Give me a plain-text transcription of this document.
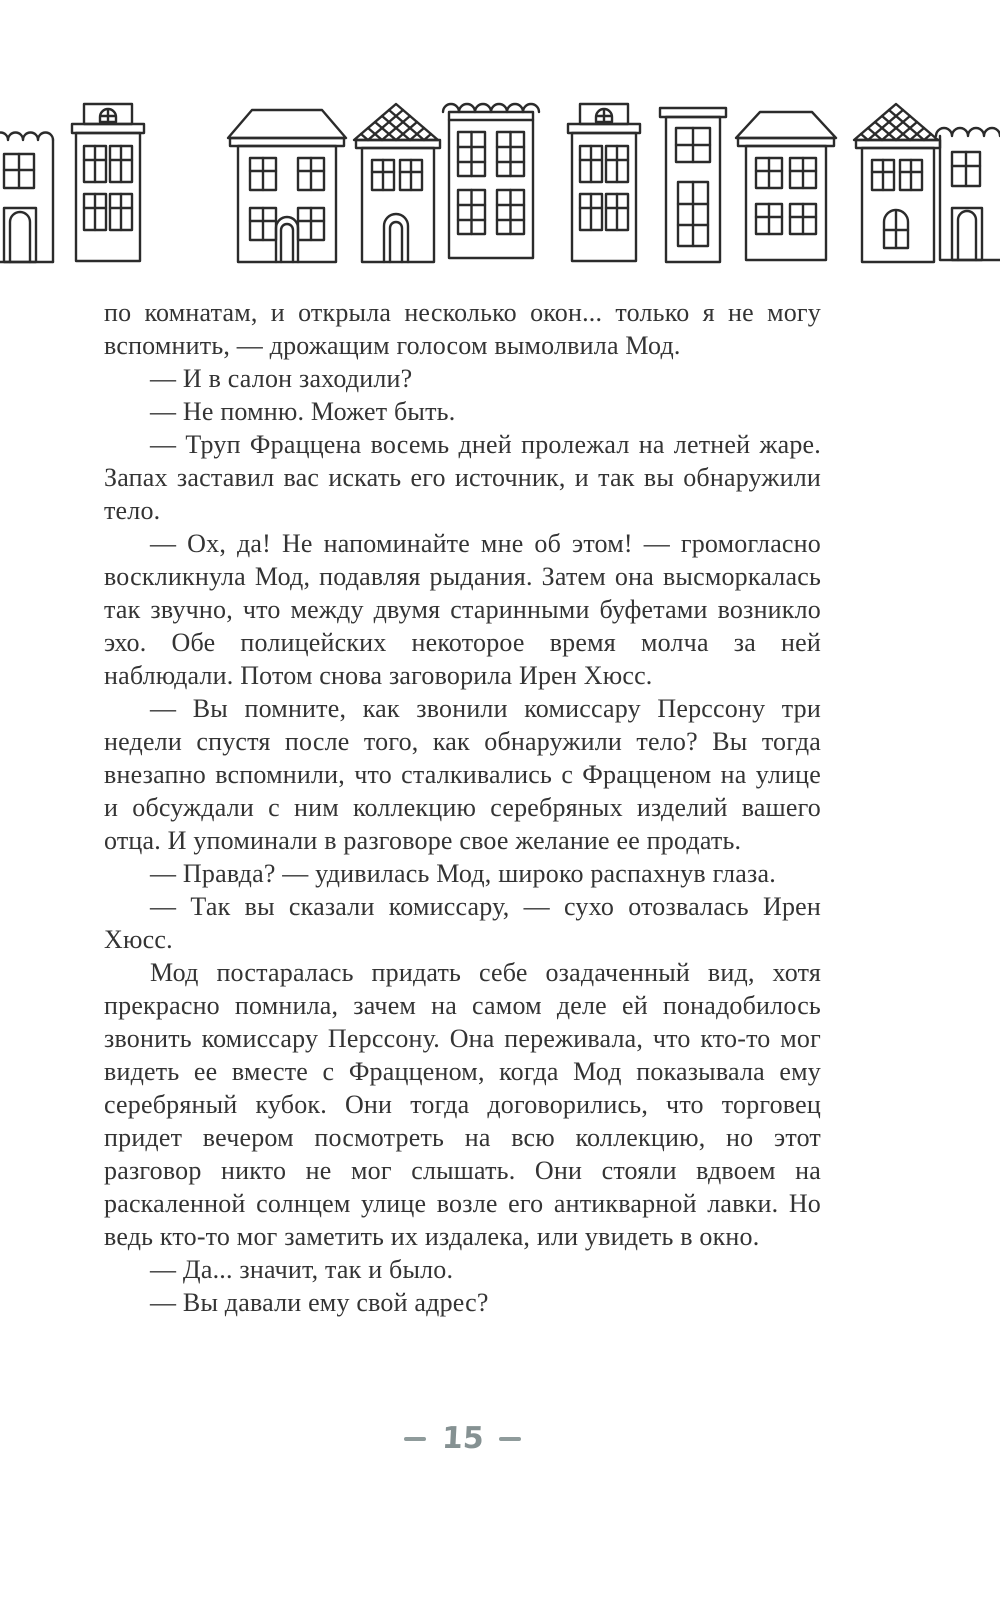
по комнатам, и открыла несколько окон... только я не могу вспомнить, — дрожащим голосом вымолвила Мод.

— И в салон заходили?

— Не помню. Может быть.

— Труп Фраццена восемь дней пролежал на летней жаре. Запах заставил вас искать его источник, и так вы обнаружили тело.

— Ох, да! Не напоминайте мне об этом! — громогласно воскликнула Мод, подавляя рыдания. Затем она высморкалась так звучно, что между двумя старинными буфетами возникло эхо. Обе полицейских некоторое время молча за ней наблюдали. Потом снова заговорила Ирен Хюсс.

— Вы помните, как звонили комиссару Перссону три недели спустя после того, как обнаружили тело? Вы тогда внезапно вспомнили, что сталкивались с Фрацценом на улице и обсуждали с ним коллекцию серебряных изделий вашего отца. И упоминали в разговоре свое желание ее продать.

— Правда? — удивилась Мод, широко распахнув глаза.

— Так вы сказали комиссару, — сухо отозвалась Ирен Хюсс.

Мод постаралась придать себе озадаченный вид, хотя прекрасно помнила, зачем на самом деле ей понадобилось звонить комиссару Перссону. Она переживала, что кто-то мог видеть ее вместе с Фрацценом, когда Мод показывала ему серебряный кубок. Они тогда договорились, что торговец придет вечером посмотреть на всю коллекцию, но этот разговор никто не мог слышать. Они стояли вдвоем на раскаленной солнцем улице возле его антикварной лавки. Но ведь кто-то мог заметить их издалека, или увидеть в окно.

— Да... значит, так и было.

— Вы давали ему свой адрес?

15
